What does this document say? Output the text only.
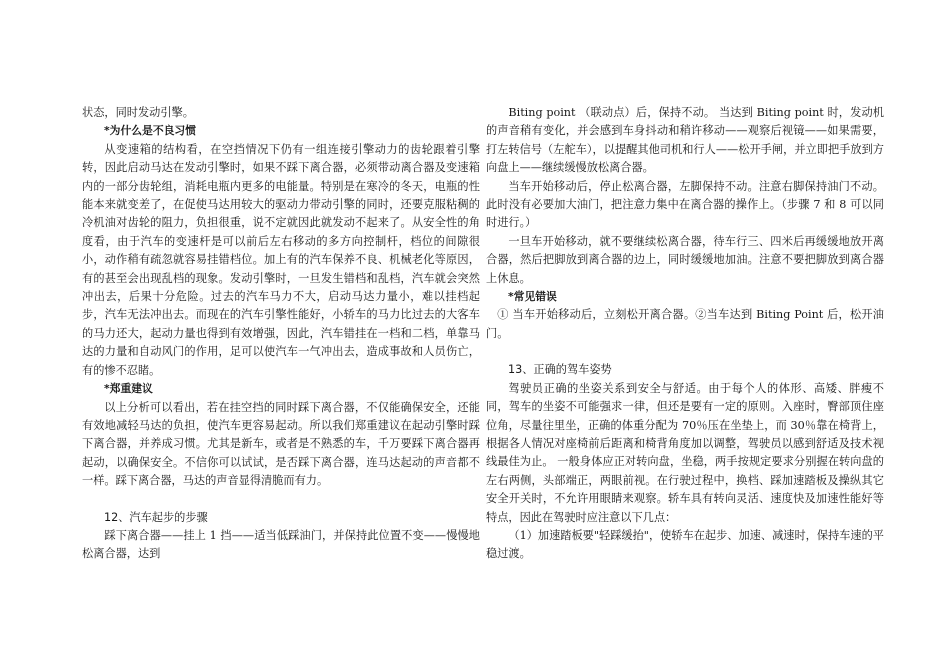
状态，同时发动引擎。

*为什么是不良习惯

从变速箱的结构看，在空挡情况下仍有一组连接引擎动力的齿轮跟着引擎转，因此启动马达在发动引擎时，如果不踩下离合器，必须带动离合器及变速箱内的一部分齿轮组，消耗电瓶内更多的电能量。特别是在寒冷的冬天，电瓶的性能本来就变差了，在促使马达用较大的驱动力带动引擎的同时，还要克服粘稠的冷机油对齿轮的阻力，负担很重，说不定就因此就发动不起来了。从安全性的角度看，由于汽车的变速杆是可以前后左右移动的多方向控制杆，档位的间隙很小，动作稍有疏忽就容易挂错档位。加上有的汽车保养不良、机械老化等原因，有的甚至会出现乱档的现象。发动引擎时，一旦发生错档和乱档，汽车就会突然冲出去，后果十分危险。过去的汽车马力不大，启动马达力量小，难以挂档起步，汽车无法冲出去。而现在的汽车引擎性能好，小轿车的马力比过去的大客车的马力还大，起动力量也得到有效增强，因此，汽车错挂在一档和二档，单靠马达的力量和自动风门的作用，足可以使汽车一气冲出去，造成事故和人员伤亡，有的惨不忍睹。

*郑重建议

以上分析可以看出，若在挂空挡的同时踩下离合器，不仅能确保安全，还能有效地减轻马达的负担，使汽车更容易起动。所以我们郑重建议在起动引擎时踩下离合器，并养成习惯。尤其是新车，或者是不熟悉的车，千万要踩下离合器再起动，以确保安全。不信你可以试试，是否踩下离合器，连马达起动的声音都不一样。踩下离合器，马达的声音显得清脆而有力。

12、汽车起步的步骤

踩下离合器——挂上 1 挡——适当低踩油门，并保持此位置不变——慢慢地松离合器，达到

Biting point （联动点）后，保持不动。 当达到 Biting point 时，发动机的声音稍有变化，并会感到车身抖动和稍许移动——观察后视镜——如果需要，打左转信号（左舵车），以提醒其他司机和行人——松开手闸，并立即把手放到方向盘上——继续缓慢放松离合器。

当车开始移动后，停止松离合器，左脚保持不动。注意右脚保持油门不动。此时没有必要加大油门，把注意力集中在离合器的操作上。（步骤 7 和 8 可以同时进行。）

一旦车开始移动，就不要继续松离合器，待车行三、四米后再缓缓地放开离合器，然后把脚放到离合器的边上，同时缓缓地加油。注意不要把脚放到离合器上休息。

*常见错误

① 当车开始移动后，立刻松开离合器。②当车达到 Biting Point 后，松开油门。

13、正确的驾车姿势

驾驶员正确的坐姿关系到安全与舒适。由于每个人的体形、高矮、胖瘦不同，驾车的坐姿不可能强求一律，但还是要有一定的原则。入座时，臀部顶住座位角，尽量往里坐，正确的体重分配为 70％压在坐垫上，而 30％靠在椅背上，根据各人情况对座椅前后距离和椅背角度加以调整，驾驶员以感到舒适及技术视线最佳为止。 一般身体应正对转向盘，坐稳，两手按规定要求分别握在转向盘的左右两侧，头部端正，两眼前视。在行驶过程中，换档、踩加速踏板及操纵其它安全开关时，不允许用眼睛来观察。轿车具有转向灵活、速度快及加速性能好等特点，因此在驾驶时应注意以下几点：

（1）加速踏板要"轻踩缓抬"，使轿车在起步、加速、减速时，保持车速的平稳过渡。
